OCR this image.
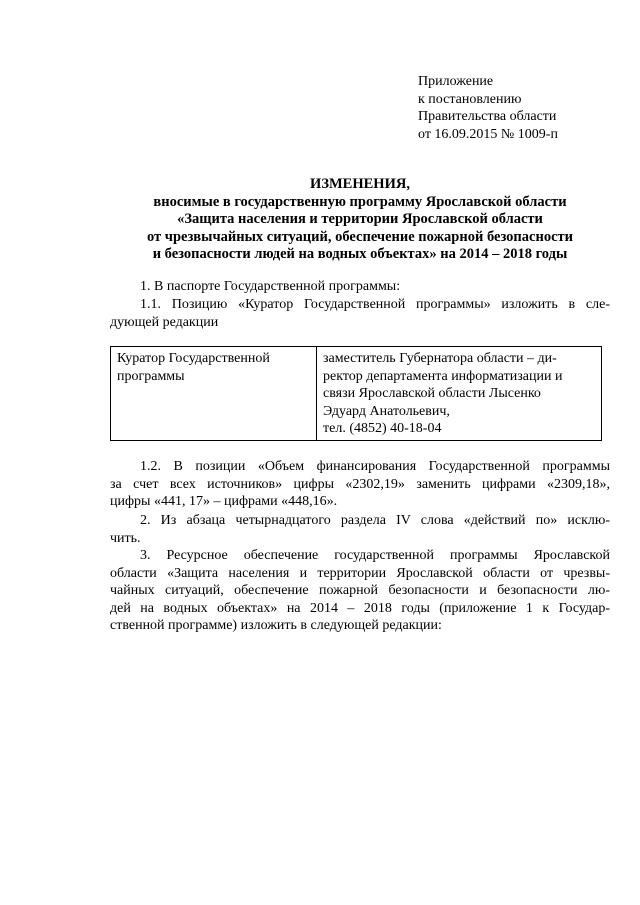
Приложение
к постановлению
Правительства области
от 16.09.2015 № 1009-п
ИЗМЕНЕНИЯ,
вносимые в государственную программу Ярославской области
«Защита населения и территории Ярославской области
от чрезвычайных ситуаций, обеспечение пожарной безопасности
и безопасности людей на водных объектах» на 2014 – 2018 годы
1. В паспорте Государственной программы:
1.1. Позицию «Куратор Государственной программы» изложить в сле-
дующей редакции
Куратор Государственной
программы

заместитель Губернатора области – ди-
ректор департамента информатизации и
связи Ярославской области Лысенко
Эдуард Анатольевич,
тел. (4852) 40-18-04
1.2. В позиции «Объем финансирования Государственной программы
за счет всех источников» цифры «2302,19» заменить цифрами «2309,18»,
цифры «441, 17» – цифрами «448,16».
2. Из абзаца четырнадцатого раздела IV слова «действий по» исклю-
чить.
3. Ресурсное обеспечение государственной программы Ярославской
области «Защита населения и территории Ярославской области от чрезвы-
чайных ситуаций, обеспечение пожарной безопасности и безопасности лю-
дей на водных объектах» на 2014 – 2018 годы (приложение 1 к Государ-
ственной программе) изложить в следующей редакции:
